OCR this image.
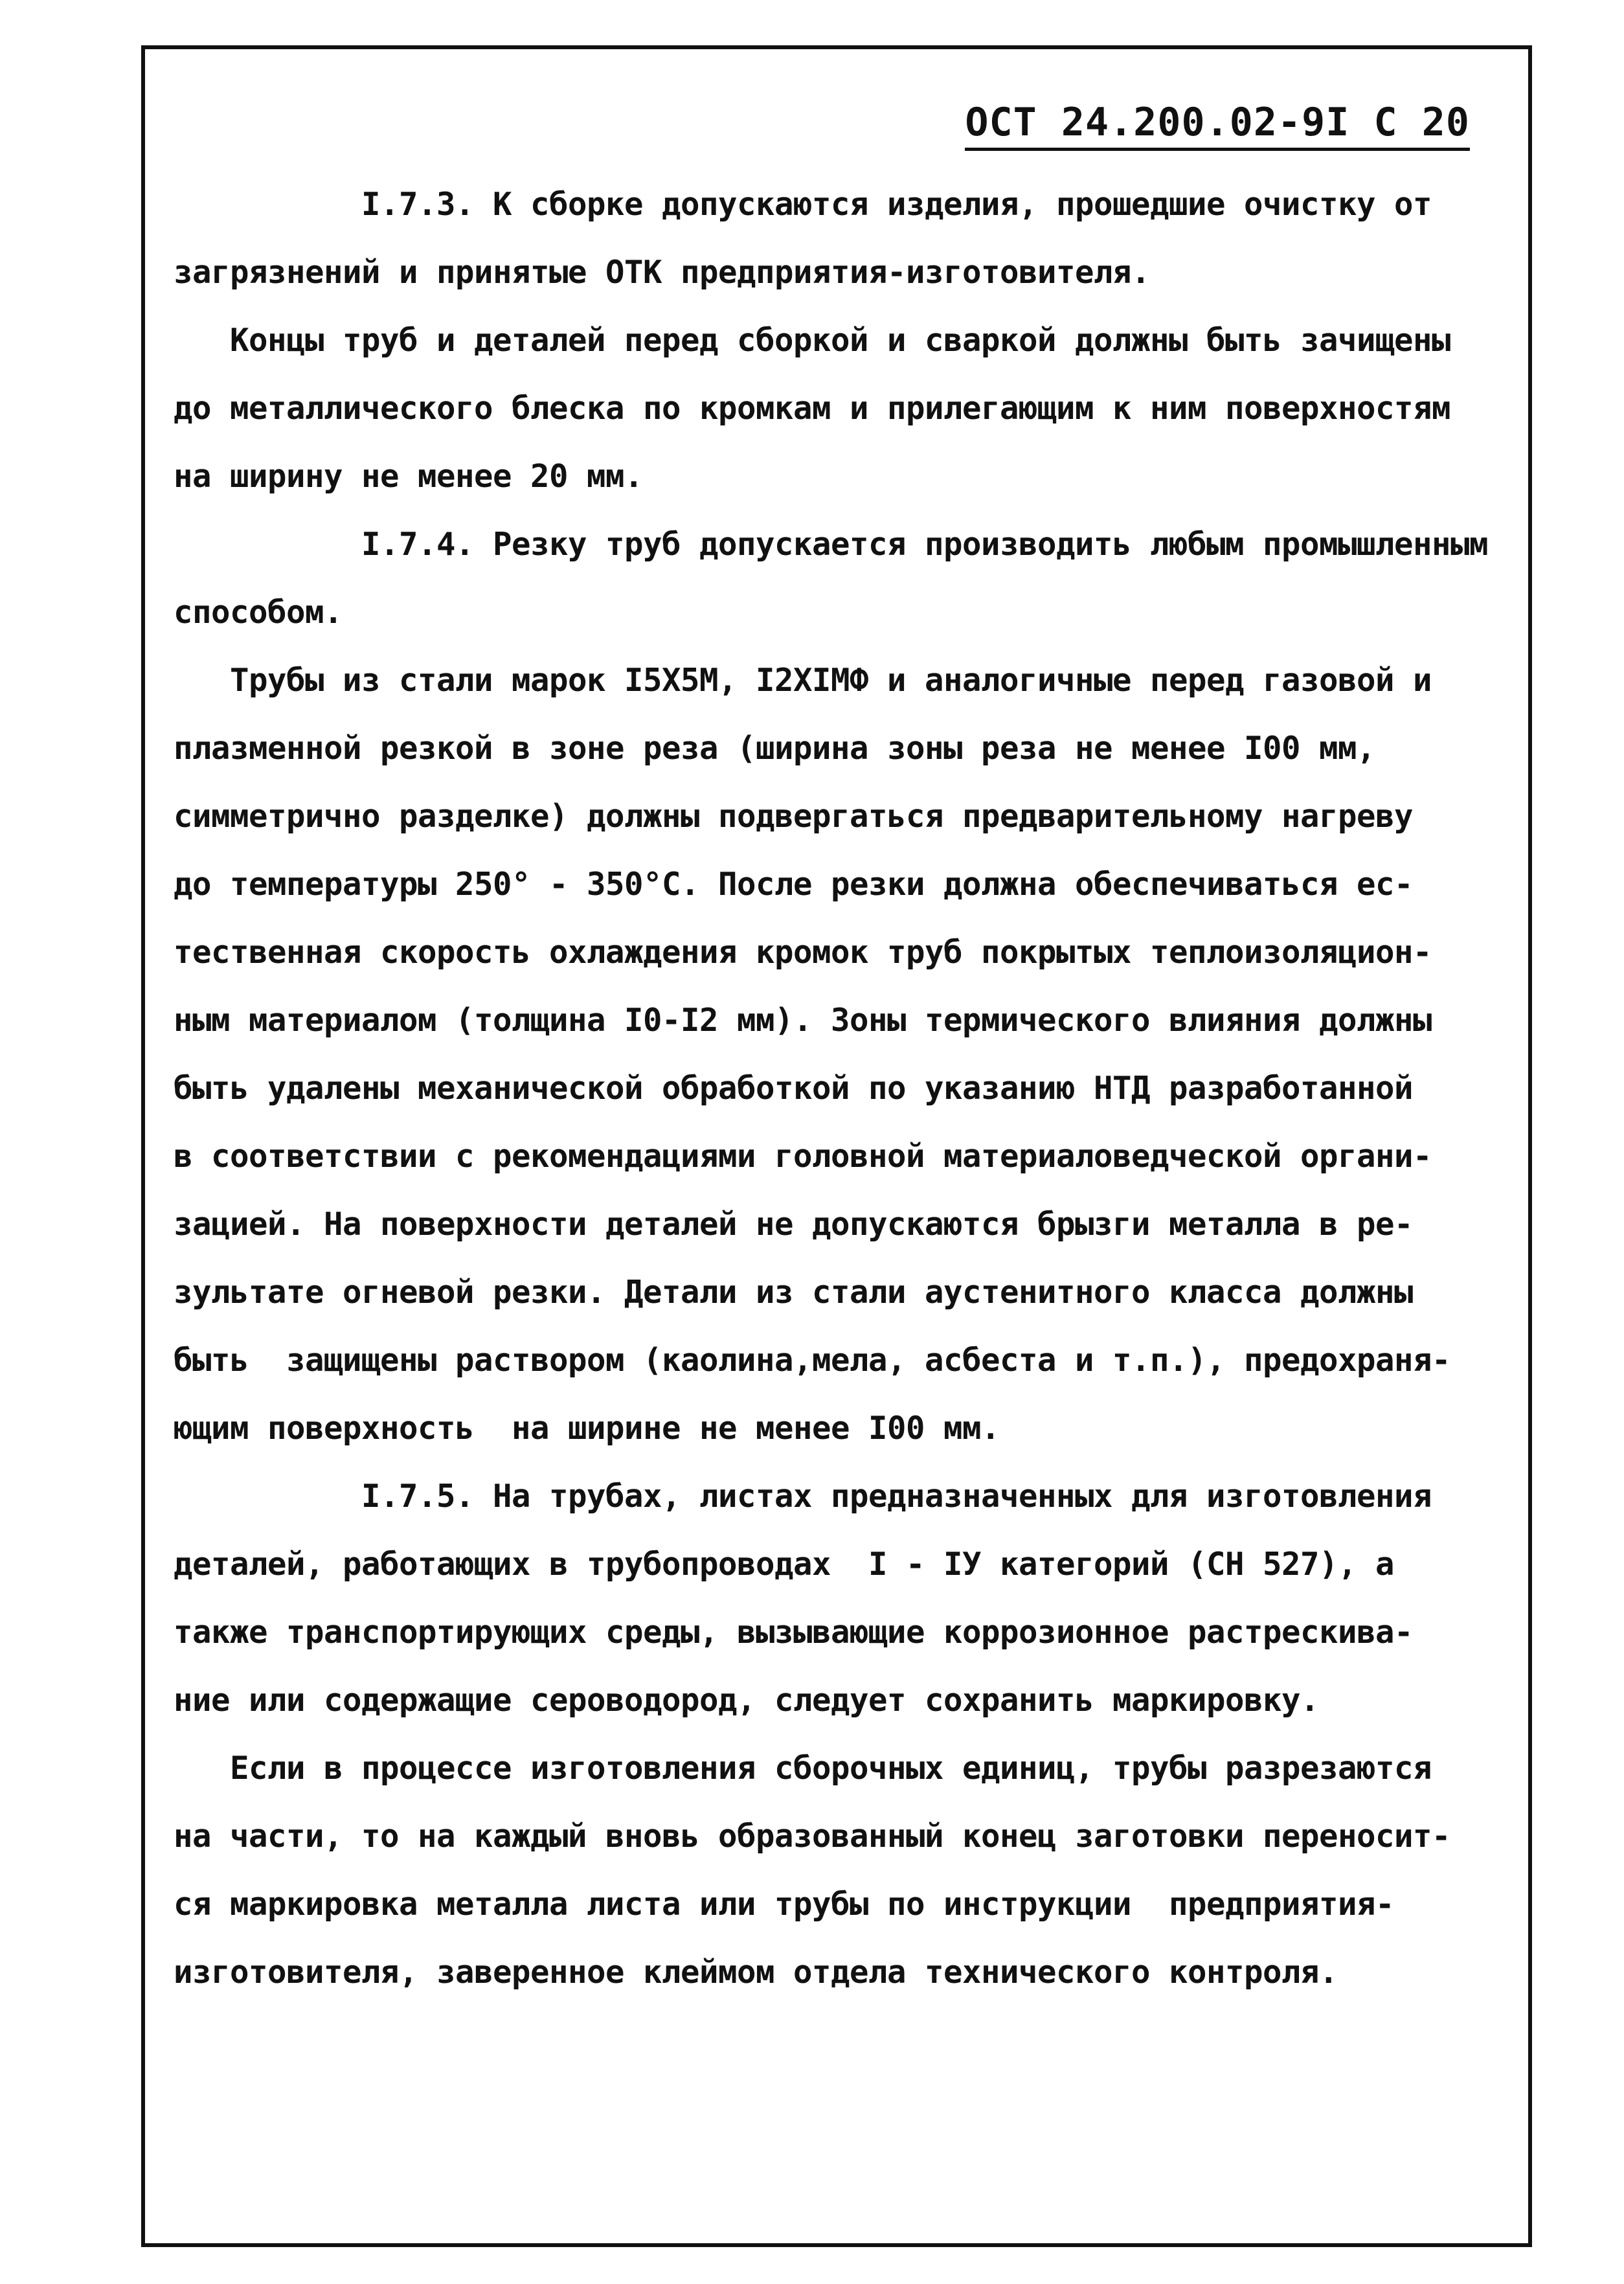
ОСТ 24.200.02-9I С 20
I.7.3. К сборке допускаются изделия, прошедшие очистку от
загрязнений и принятые ОТК предприятия-изготовителя.
Концы труб и деталей перед сборкой и сваркой должны быть зачищены
до металлического блеска по кромкам и прилегающим к ним поверхностям
на ширину не менее 20 мм.
I.7.4. Резку труб допускается производить любым промышленным
способом.
Трубы из стали марок I5Х5М, I2ХIМФ и аналогичные перед газовой и
плазменной резкой в зоне реза (ширина зоны реза не менее I00 мм,
симметрично разделке) должны подвергаться предварительному нагреву
до температуры 250° - 350°С. После резки должна обеспечиваться ес-
тественная скорость охлаждения кромок труб покрытых теплоизоляцион-
ным материалом (толщина I0-I2 мм). Зоны термического влияния должны
быть удалены механической обработкой по указанию НТД разработанной
в соответствии с рекомендациями головной материаловедческой органи-
зацией. На поверхности деталей не допускаются брызги металла в ре-
зультате огневой резки. Детали из стали аустенитного класса должны
быть  защищены раствором (каолина,мела, асбеста и т.п.), предохраня-
ющим поверхность  на ширине не менее I00 мм.
I.7.5. На трубах, листах предназначенных для изготовления
деталей, работающих в трубопроводах  I - IУ категорий (СН 527), а
также транспортирующих среды, вызывающие коррозионное растрескива-
ние или содержащие сероводород, следует сохранить маркировку.
Если в процессе изготовления сборочных единиц, трубы разрезаются
на части, то на каждый вновь образованный конец заготовки переносит-
ся маркировка металла листа или трубы по инструкции  предприятия-
изготовителя, заверенное клеймом отдела технического контроля.
